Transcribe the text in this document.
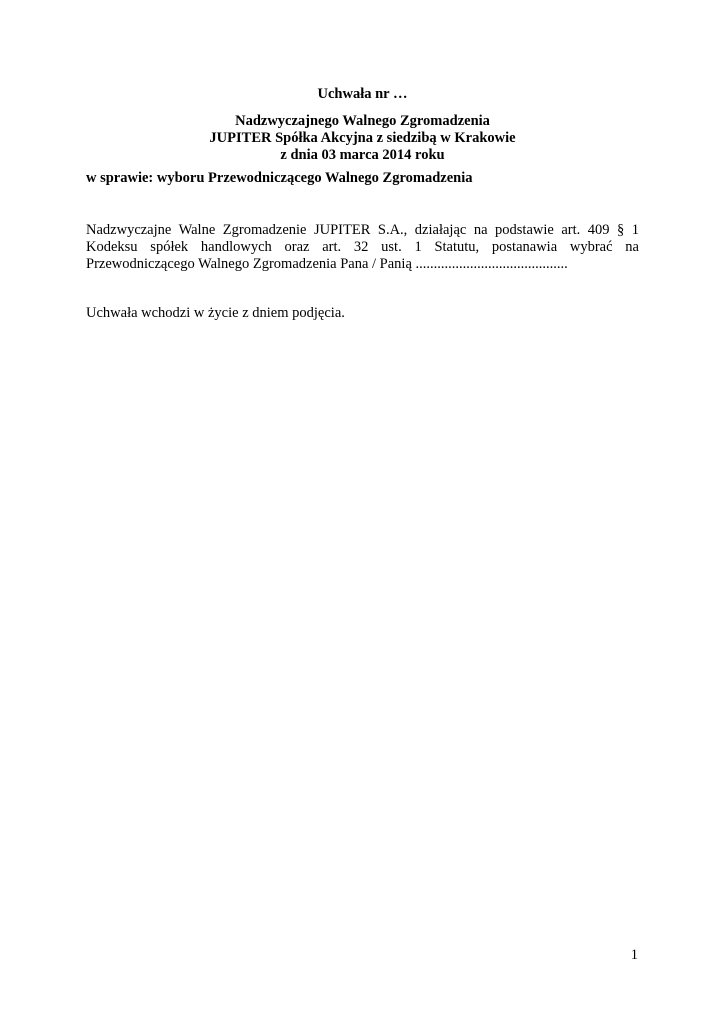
Uchwała nr …

Nadzwyczajnego Walnego Zgromadzenia
JUPITER Spółka Akcyjna z siedzibą w Krakowie
z dnia 03 marca 2014 roku

w sprawie: wyboru Przewodniczącego Walnego Zgromadzenia

Nadzwyczajne Walne Zgromadzenie JUPITER S.A., działając na podstawie art. 409 § 1 Kodeksu spółek handlowych oraz art. 32 ust. 1 Statutu, postanawia wybrać na Przewodniczącego Walnego Zgromadzenia Pana / Panią ..........................................

Uchwała wchodzi w życie z dniem podjęcia.

1
